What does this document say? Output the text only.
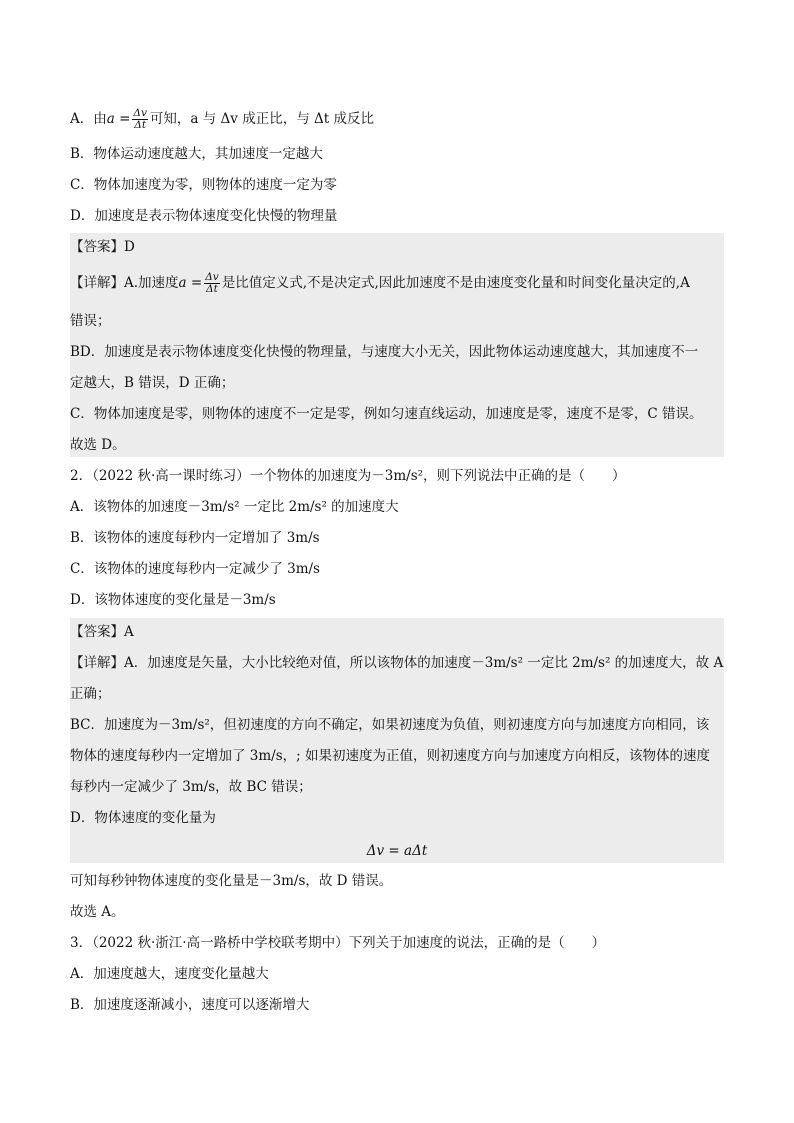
A．由$a = \frac{\Delta v}{\Delta t}$ 可知，a 与 Δv 成正比，与 Δt 成反比
B．物体运动速度越大，其加速度一定越大
C．物体加速度为零，则物体的速度一定为零
D．加速度是表示物体速度变化快慢的物理量
【答案】D
【详解】A.加速度$a = \frac{\Delta v}{\Delta t}$ 是比值定义式,不是决定式,因此加速度不是由速度变化量和时间变化量决定的,A
错误；
BD．加速度是表示物体速度变化快慢的物理量，与速度大小无关，因此物体运动速度越大，其加速度不一
定越大，B 错误，D 正确；
C．物体加速度是零，则物体的速度不一定是零，例如匀速直线运动，加速度是零，速度不是零，C 错误。
故选 D。
2．（2022 秋·高一课时练习）一个物体的加速度为－3m/s²，则下列说法中正确的是（　　）
A．该物体的加速度－3m/s² 一定比 2m/s² 的加速度大
B．该物体的速度每秒内一定增加了 3m/s
C．该物体的速度每秒内一定减少了 3m/s
D．该物体速度的变化量是－3m/s
【答案】A
【详解】A．加速度是矢量，大小比较绝对值，所以该物体的加速度－3m/s² 一定比 2m/s² 的加速度大，故 A
正确；
BC．加速度为－3m/s²，但初速度的方向不确定，如果初速度为负值，则初速度方向与加速度方向相同，该
物体的速度每秒内一定增加了 3m/s，; 如果初速度为正值，则初速度方向与加速度方向相反，该物体的速度
每秒内一定减少了 3m/s，故 BC 错误；
D．物体速度的变化量为
Δv = aΔt
可知每秒钟物体速度的变化量是－3m/s，故 D 错误。
故选 A。
3．（2022 秋·浙江·高一路桥中学校联考期中）下列关于加速度的说法，正确的是（　　）
A．加速度越大，速度变化量越大
B．加速度逐渐减小，速度可以逐渐增大
